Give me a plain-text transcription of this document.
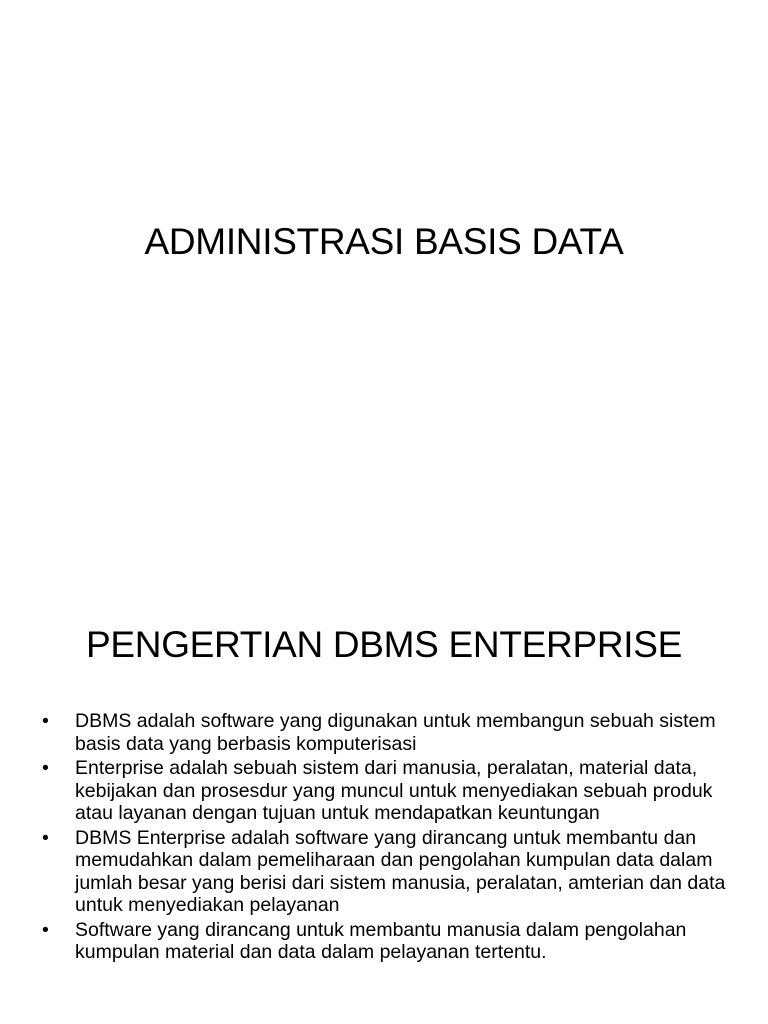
ADMINISTRASI BASIS DATA
PENGERTIAN DBMS ENTERPRISE
•	DBMS adalah software yang digunakan untuk membangun sebuah sistem basis data yang berbasis komputerisasi
•	Enterprise adalah sebuah sistem dari manusia, peralatan, material data, kebijakan dan prosesdur yang muncul untuk menyediakan sebuah produk atau layanan dengan tujuan untuk mendapatkan keuntungan
•	DBMS Enterprise adalah software yang dirancang untuk membantu dan memudahkan dalam pemeliharaan dan pengolahan kumpulan data dalam jumlah besar yang berisi dari sistem manusia, peralatan, amterian dan data untuk menyediakan pelayanan
•	Software yang dirancang untuk membantu manusia dalam pengolahan kumpulan material dan data dalam pelayanan tertentu.
